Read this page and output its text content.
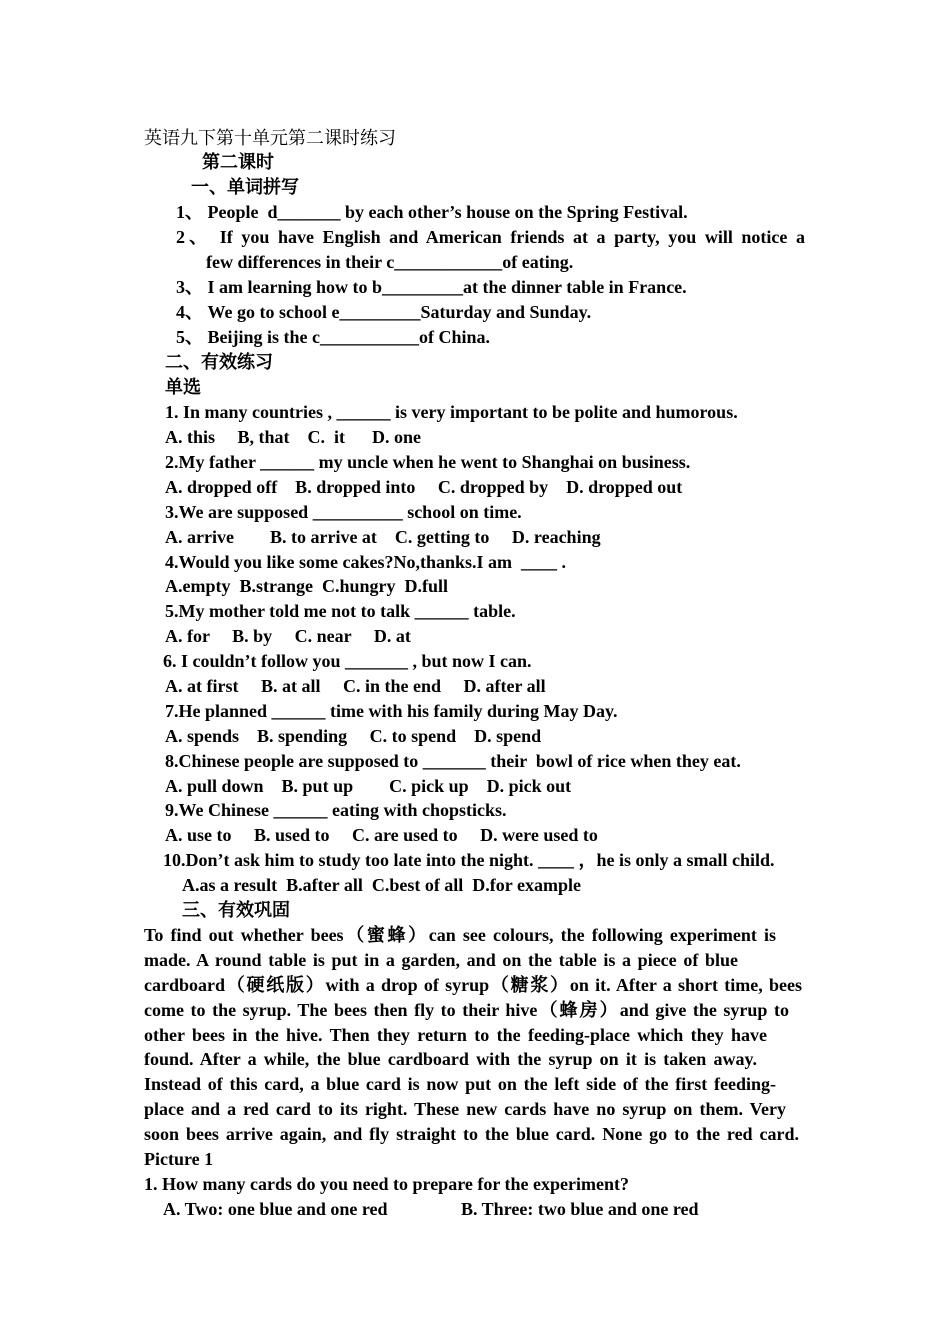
英语九下第十单元第二课时练习
第二课时
一、单词拼写
1、 People  d_______ by each other’s house on the Spring Festival.
2、 If you have English and American friends at a party, you will notice a
few differences in their c____________of eating.
3、 I am learning how to b_________at the dinner table in France.
4、 We go to school e_________Saturday and Sunday.
5、 Beijing is the c___________of China.
二、有效练习
单选
1. In many countries , ______ is very important to be polite and humorous.
A. this     B, that    C.  it      D. one
2.My father ______ my uncle when he went to Shanghai on business.
A. dropped off    B. dropped into     C. dropped by    D. dropped out
3.We are supposed __________ school on time.
A. arrive        B. to arrive at    C. getting to     D. reaching
4.Would you like some cakes?No,thanks.I am  ____ .
A.empty  B.strange  C.hungry  D.full
5.My mother told me not to talk ______ table.
A. for     B. by     C. near     D. at
6. I couldn’t follow you _______ , but now I can.
A. at first     B. at all     C. in the end     D. after all
7.He planned ______ time with his family during May Day.
A. spends    B. spending     C. to spend    D. spend
8.Chinese people are supposed to _______ their  bowl of rice when they eat.
A. pull down    B. put up        C. pick up    D. pick out
9.We Chinese ______ eating with chopsticks.
A. use to     B. used to     C. are used to     D. were used to
10.Don’t ask him to study too late into the night. ____ ，he is only a small child.
A.as a result  B.after all  C.best of all  D.for example
三、有效巩固
To find out whether bees（蜜蜂）can see colours, the following experiment is
made. A round table is put in a garden, and on the table is a piece of blue
cardboard（硬纸版）with a drop of syrup（糖浆）on it. After a short time, bees
come to the syrup. The bees then fly to their hive（蜂房）and give the syrup to
other bees in the hive. Then they return to the feeding-place which they have
found. After a while, the blue cardboard with the syrup on it is taken away.
Instead of this card, a blue card is now put on the left side of the first feeding-
place and a red card to its right. These new cards have no syrup on them. Very
soon bees arrive again, and fly straight to the blue card. None go to the red card.
Picture 1
1. How many cards do you need to prepare for the experiment?
A. Two: one blue and one red	B. Three: two blue and one red
